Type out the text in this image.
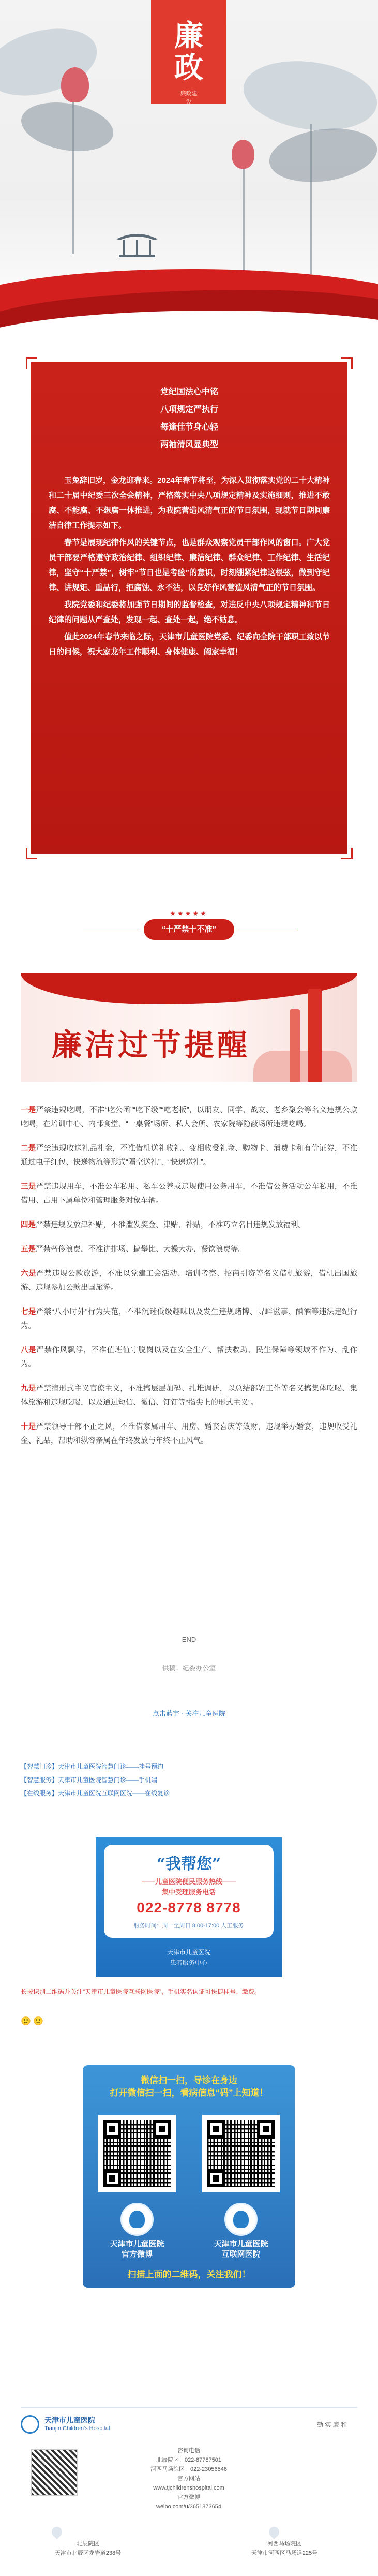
廉
政
廉政建设
党纪国法心中铭
八项规定严执行
每逢佳节身心轻
两袖清风显典型

玉兔辞旧岁，金龙迎春来。2024年春节将至，为深入贯彻落实党的二十大精神和二十届中纪委三次全会精神，严格落实中央八项规定精神及实施细则，推进不敢腐、不能腐、不想腐一体推进，为我院营造风清气正的节日氛围，现就节日期间廉洁自律工作提示如下。

春节是展现纪律作风的关键节点，也是群众观察党员干部作风的窗口。广大党员干部要严格遵守政治纪律、组织纪律、廉洁纪律、群众纪律、工作纪律、生活纪律，坚守“十严禁”，树牢“节日也是考验”的意识，时刻绷紧纪律这根弦，做到守纪律、讲规矩、重品行，拒腐蚀、永不沾，以良好作风营造风清气正的节日氛围。

我院党委和纪委将加强节日期间的监督检查，对违反中央八项规定精神和节日纪律的问题从严查处，发现一起、查处一起，绝不姑息。

值此2024年春节来临之际，天津市儿童医院党委、纪委向全院干部职工致以节日的问候，祝大家龙年工作顺利、身体健康、阖家幸福！

★★★★★
“十严禁十不准”
廉洁过节提醒
一是严禁违规吃喝，不准“吃公函”“吃下级”“吃老板”，以朋友、同学、战友、老乡聚会等名义违规公款吃喝，在培训中心、内部食堂、“一桌餐”场所、私人会所、农家院等隐蔽场所违规吃喝。
二是严禁违规收送礼品礼金，不准借机送礼收礼、变相收受礼金、购物卡、消费卡和有价证券，不准通过电子红包、快递物流等形式“隔空送礼”、“快递送礼”。
三是严禁违规用车，不准公车私用、私车公养或违规使用公务用车，不准借公务活动公车私用，不准借用、占用下属单位和管理服务对象车辆。
四是严禁违规发放津补贴，不准滥发奖金、津贴、补贴，不准巧立名目违规发放福利。
五是严禁奢侈浪费，不准讲排场、搞攀比、大操大办、餐饮浪费等。
六是严禁违规公款旅游，不准以党建工会活动、培训考察、招商引资等名义借机旅游，借机出国旅游、违规参加公款出国旅游。
七是严禁“八小时外”行为失范，不准沉迷低级趣味以及发生违规赌博、寻衅滋事、酗酒等违法违纪行为。
八是严禁作风飘浮，不准值班值守脱岗以及在安全生产、帮扶救助、民生保障等领域不作为、乱作为。
九是严禁搞形式主义官僚主义，不准搞层层加码、扎堆调研，以总结部署工作等名义搞集体吃喝、集体旅游和违规吃喝，以及通过短信、微信、钉钉等“指尖上的形式主义”。
十是严禁领导干部不正之风，不准借家属用车、用房、婚丧喜庆等敛财，违规举办婚宴，违规收受礼金、礼品，帮助和纵容亲属在年终发放与年终不正风气。
-END-
供稿：纪委办公室
点击蓝字 · 关注儿童医院
【智慧门诊】天津市儿童医院智慧门诊——挂号预约
【智慧服务】天津市儿童医院智慧门诊——手机端
【在线服务】天津市儿童医院互联网医院——在线复诊
“我帮您”
——儿童医院便民服务热线——
集中受理服务电话
022-8778 8778
服务时间：周一至周日 8:00-17:00 人工服务
天津市儿童医院
患者服务中心
长按识别二维码并关注“天津市儿童医院互联网医院”，手机实名认证可快捷挂号、缴费。
🙂 🙂
微信扫一扫，导诊在身边
打开微信扫一扫，看病信息“码”上知道！
天津市儿童医院
官方微博
天津市儿童医院
互联网医院
扫描上面的二维码，关注我们！
天津市儿童医院
Tianjin Children's Hospital	勤 实 廉 和
咨询电话
北辰院区：022-87787501
河西马场院区：022-23056546
官方网站
www.tjchildrenshospital.com
官方微博
weibo.com/u/3651873654
北辰院区
天津市北辰区龙岩道238号
河西马场院区
天津市河西区马场道225号
